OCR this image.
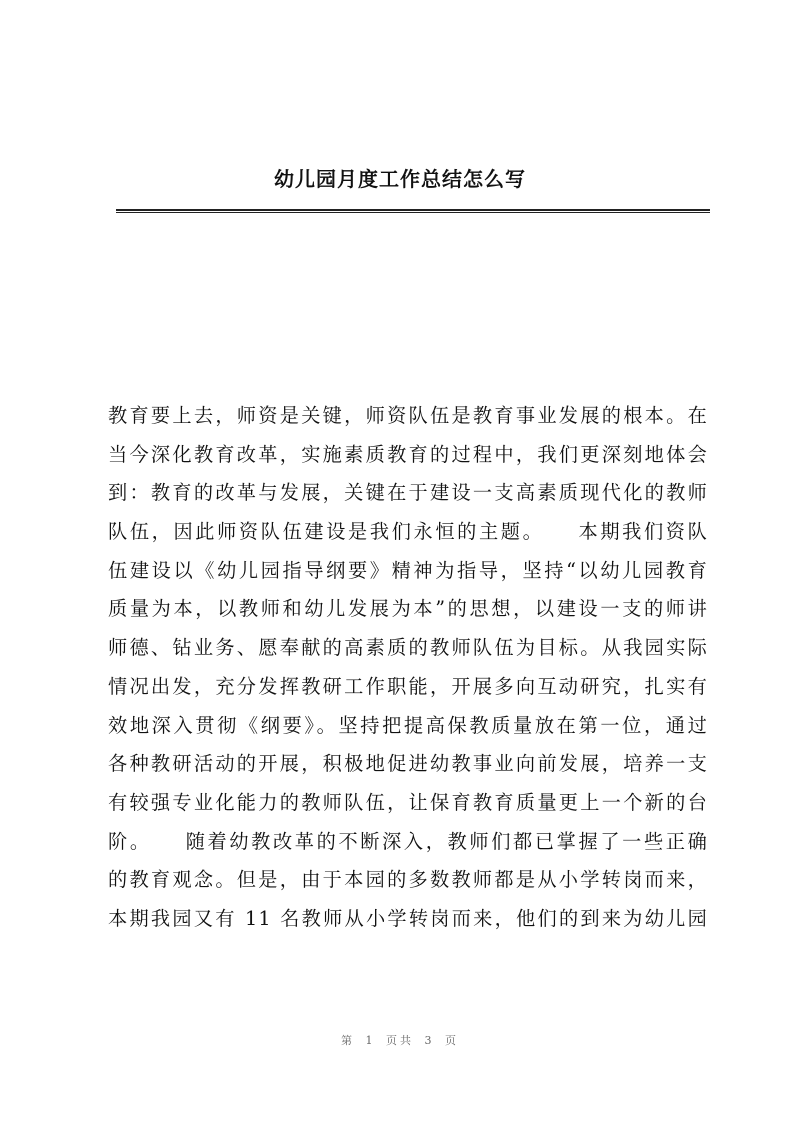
幼儿园月度工作总结怎么写
教育要上去，师资是关键，师资队伍是教育事业发展的根本。在
当今深化教育改革，实施素质教育的过程中，我们更深刻地体会
到：教育的改革与发展，关键在于建设一支高素质现代化的教师
队伍，因此师资队伍建设是我们永恒的主题。　　本期我们资队
伍建设以《幼儿园指导纲要》精神为指导，坚持“以幼儿园教育
质量为本，以教师和幼儿发展为本”的思想，以建设一支的师讲
师德、钻业务、愿奉献的高素质的教师队伍为目标。从我园实际
情况出发，充分发挥教研工作职能，开展多向互动研究，扎实有
效地深入贯彻《纲要》。坚持把提高保教质量放在第一位，通过
各种教研活动的开展，积极地促进幼教事业向前发展，培养一支
有较强专业化能力的教师队伍，让保育教育质量更上一个新的台
阶。　　随着幼教改革的不断深入，教师们都已掌握了一些正确
的教育观念。但是，由于本园的多数教师都是从小学转岗而来，
本期我园又有 11 名教师从小学转岗而来，他们的到来为幼儿园
第 1 页共 3 页
